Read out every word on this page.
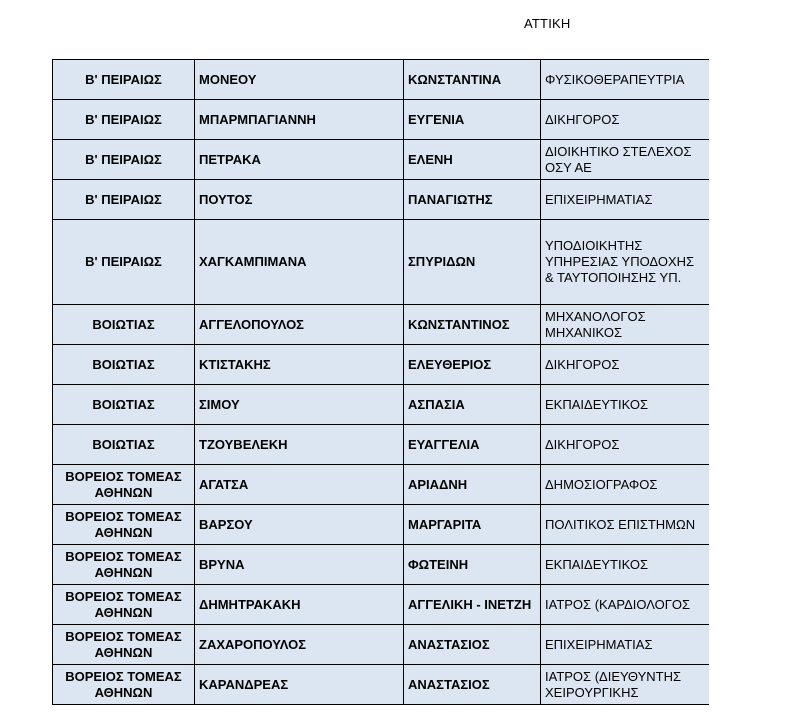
ΑΤΤΙΚΗ
Β' ΠΕΙΡΑΙΩΣ	ΜΟΝΕΟΥ	ΚΩΝΣΤΑΝΤΙΝΑ	ΦΥΣΙΚΟΘΕΡΑΠΕΥΤΡΙΑ
Β' ΠΕΙΡΑΙΩΣ	ΜΠΑΡΜΠΑΓΙΑΝΝΗ	ΕΥΓΕΝΙΑ	ΔΙΚΗΓΟΡΟΣ
Β' ΠΕΙΡΑΙΩΣ	ΠΕΤΡΑΚΑ	ΕΛΕΝΗ	ΔΙΟΙΚΗΤΙΚΟ ΣΤΕΛΕΧΟΣ ΟΣΥ ΑΕ
Β' ΠΕΙΡΑΙΩΣ	ΠΟΥΤΟΣ	ΠΑΝΑΓΙΩΤΗΣ	ΕΠΙΧΕΙΡΗΜΑΤΙΑΣ
Β' ΠΕΙΡΑΙΩΣ	ΧΑΓΚΑΜΠΙΜΑΝΑ	ΣΠΥΡΙΔΩΝ	ΥΠΟΔΙΟΙΚΗΤΗΣ ΥΠΗΡΕΣΙΑΣ ΥΠΟΔΟΧΗΣ & ΤΑΥΤΟΠΟΙΗΣΗΣ ΥΠ.
ΒΟΙΩΤΙΑΣ	ΑΓΓΕΛΟΠΟΥΛΟΣ	ΚΩΝΣΤΑΝΤΙΝΟΣ	ΜΗΧΑΝΟΛΟΓΟΣ ΜΗΧΑΝΙΚΟΣ
ΒΟΙΩΤΙΑΣ	ΚΤΙΣΤΑΚΗΣ	ΕΛΕΥΘΕΡΙΟΣ	ΔΙΚΗΓΟΡΟΣ
ΒΟΙΩΤΙΑΣ	ΣΙΜΟΥ	ΑΣΠΑΣΙΑ	ΕΚΠΑΙΔΕΥΤΙΚΟΣ
ΒΟΙΩΤΙΑΣ	ΤΖΟΥΒΕΛΕΚΗ	ΕΥΑΓΓΕΛΙΑ	ΔΙΚΗΓΟΡΟΣ
ΒΟΡΕΙΟΣ ΤΟΜΕΑΣ ΑΘΗΝΩΝ	ΑΓΑΤΣΑ	ΑΡΙΑΔΝΗ	ΔΗΜΟΣΙΟΓΡΑΦΟΣ
ΒΟΡΕΙΟΣ ΤΟΜΕΑΣ ΑΘΗΝΩΝ	ΒΑΡΣΟΥ	ΜΑΡΓΑΡΙΤΑ	ΠΟΛΙΤΙΚΟΣ ΕΠΙΣΤΗΜΩΝ
ΒΟΡΕΙΟΣ ΤΟΜΕΑΣ ΑΘΗΝΩΝ	ΒΡΥΝΑ	ΦΩΤΕΙΝΗ	ΕΚΠΑΙΔΕΥΤΙΚΟΣ
ΒΟΡΕΙΟΣ ΤΟΜΕΑΣ ΑΘΗΝΩΝ	ΔΗΜΗΤΡΑΚΑΚΗ	ΑΓΓΕΛΙΚΗ - ΙΝΕΤΖΗ	ΙΑΤΡΟΣ (ΚΑΡΔΙΟΛΟΓΟΣ
ΒΟΡΕΙΟΣ ΤΟΜΕΑΣ ΑΘΗΝΩΝ	ΖΑΧΑΡΟΠΟΥΛΟΣ	ΑΝΑΣΤΑΣΙΟΣ	ΕΠΙΧΕΙΡΗΜΑΤΙΑΣ
ΒΟΡΕΙΟΣ ΤΟΜΕΑΣ ΑΘΗΝΩΝ	ΚΑΡΑΝΔΡΕΑΣ	ΑΝΑΣΤΑΣΙΟΣ	ΙΑΤΡΟΣ (ΔΙΕΥΘΥΝΤΗΣ ΧΕΙΡΟΥΡΓΙΚΗΣ
